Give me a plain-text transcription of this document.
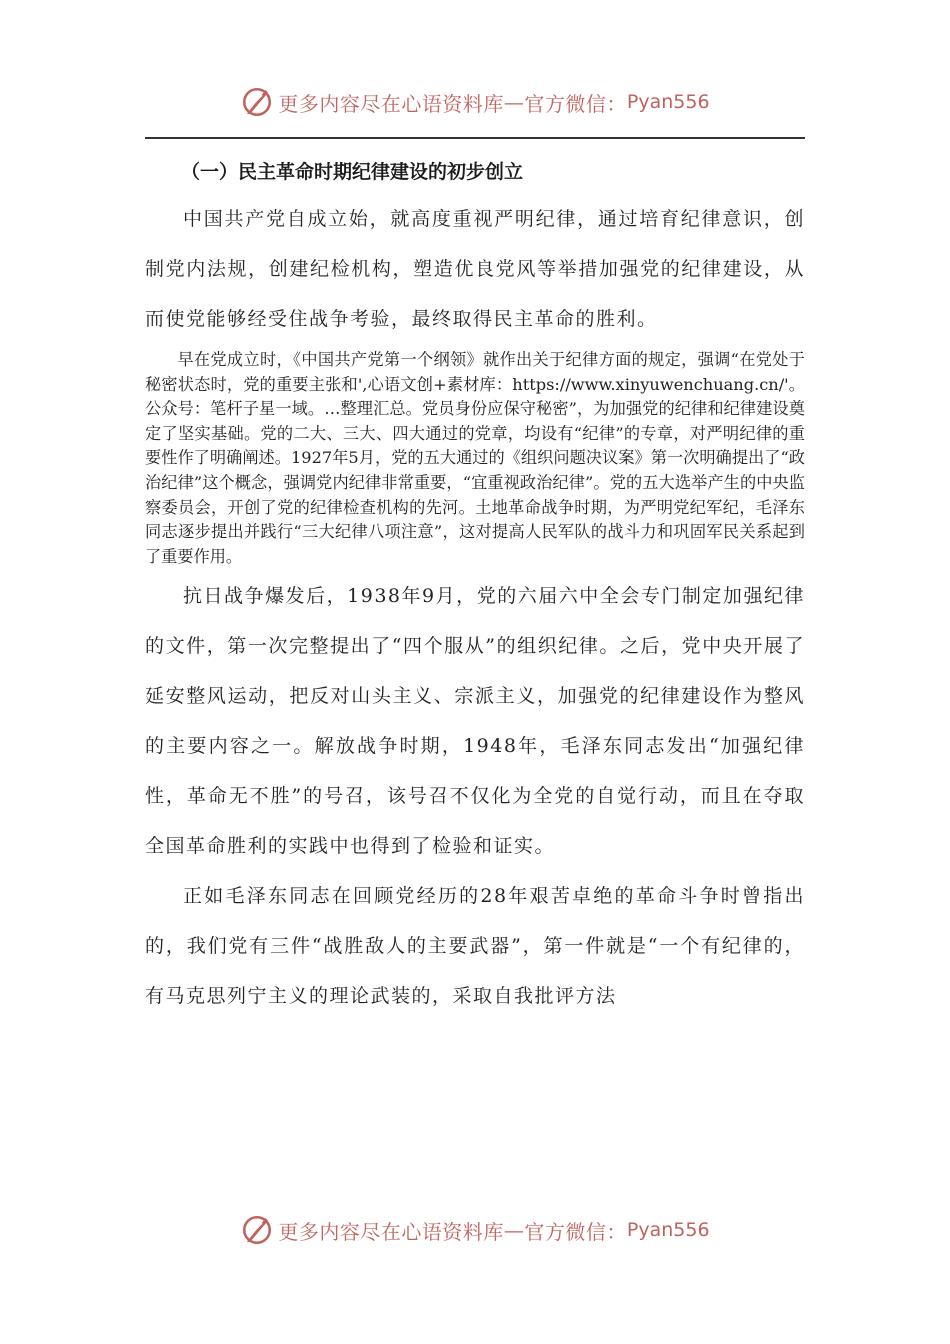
更多内容尽在心语资料库 — 官方微信： Pyan556
（一）民主革命时期纪律建设的初步创立

中国共产党自成立始，就高度重视严明纪律，通过培育纪律意识，创制党内法规，创建纪检机构，塑造优良党风等举措加强党的纪律建设，从而使党能够经受住战争考验，最终取得民主革命的胜利。

早在党成立时，《中国共产党第一个纲领》就作出关于纪律方面的规定，强调“在党处于秘密状态时，党的重要主张和',心语文创+素材库：https://www.xinyuwenchuang.cn/'。公众号：笔杆子星一域。…整理汇总。党员身份应保守秘密”，为加强党的纪律和纪律建设奠定了坚实基础。党的二大、三大、四大通过的党章，均设有“纪律”的专章，对严明纪律的重要性作了明确阐述。1927年5月，党的五大通过的《组织问题决议案》第一次明确提出了“政治纪律”这个概念，强调党内纪律非常重要，“宜重视政治纪律”。党的五大选举产生的中央监察委员会，开创了党的纪律检查机构的先河。土地革命战争时期，为严明党纪军纪，毛泽东同志逐步提出并践行“三大纪律八项注意”，这对提高人民军队的战斗力和巩固军民关系起到了重要作用。

抗日战争爆发后，1938年9月，党的六届六中全会专门制定加强纪律的文件，第一次完整提出了“四个服从”的组织纪律。之后，党中央开展了延安整风运动，把反对山头主义、宗派主义，加强党的纪律建设作为整风的主要内容之一。解放战争时期，1948年，毛泽东同志发出“加强纪律性，革命无不胜”的号召，该号召不仅化为全党的自觉行动，而且在夺取全国革命胜利的实践中也得到了检验和证实。

正如毛泽东同志在回顾党经历的28年艰苦卓绝的革命斗争时曾指出的，我们党有三件“战胜敌人的主要武器”，第一件就是“一个有纪律的，有马克思列宁主义的理论武装的，采取自我批评方法

更多内容尽在心语资料库 — 官方微信： Pyan556
